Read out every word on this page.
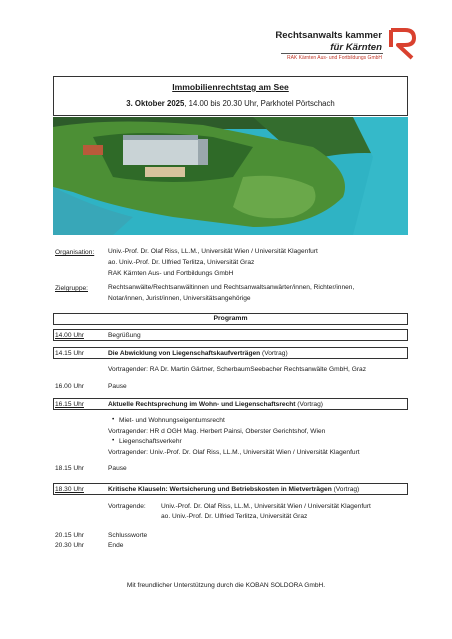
Rechtsanwalts kammer
für Kärnten
RAK Kärnten Aus- und Fortbildungs GmbH
Immobilienrechtstag am See
3. Oktober 2025, 14.00 bis 20.30 Uhr, Parkhotel Pörtschach
Organisation: Univ.-Prof. Dr. Olaf Riss, LL.M., Universität Wien / Universität Klagenfurt
ao. Univ.-Prof. Dr. Ulfried Terlitza, Universität Graz
RAK Kärnten Aus- und Fortbildungs GmbH
Zielgruppe:	Rechtsanwälte/Rechtsanwältinnen und Rechtsanwaltsanwärter/innen, Richter/innen,
Notar/innen, Jurist/innen, Universitätsangehörige
Programm
14.00 Uhr	Begrüßung
14.15 Uhr	Die Abwicklung von Liegenschaftskaufverträgen (Vortrag)
Vortragender: RA Dr. Martin Gärtner, ScherbaumSeebacher Rechtsanwälte GmbH, Graz
16.00 Uhr	Pause
16.15 Uhr	Aktuelle Rechtsprechung im Wohn- und Liegenschaftsrecht (Vortrag)
• Miet- und Wohnungseigentumsrecht
Vortragender: HR d OGH Mag. Herbert Painsi, Oberster Gerichtshof, Wien
• Liegenschaftsverkehr
Vortragender: Univ.-Prof. Dr. Olaf Riss, LL.M., Universität Wien / Universität Klagenfurt
18.15 Uhr	Pause
18.30 Uhr	Kritische Klauseln: Wertsicherung und Betriebskosten in Mietverträgen (Vortrag)
Vortragende: Univ.-Prof. Dr. Olaf Riss, LL.M., Universität Wien / Universität Klagenfurt
ao. Univ.-Prof. Dr. Ulfried Terlitza, Universität Graz
20.15 Uhr	Schlussworte
20.30 Uhr	Ende
Mit freundlicher Unterstützung durch die KOBAN SOLDORA GmbH.
